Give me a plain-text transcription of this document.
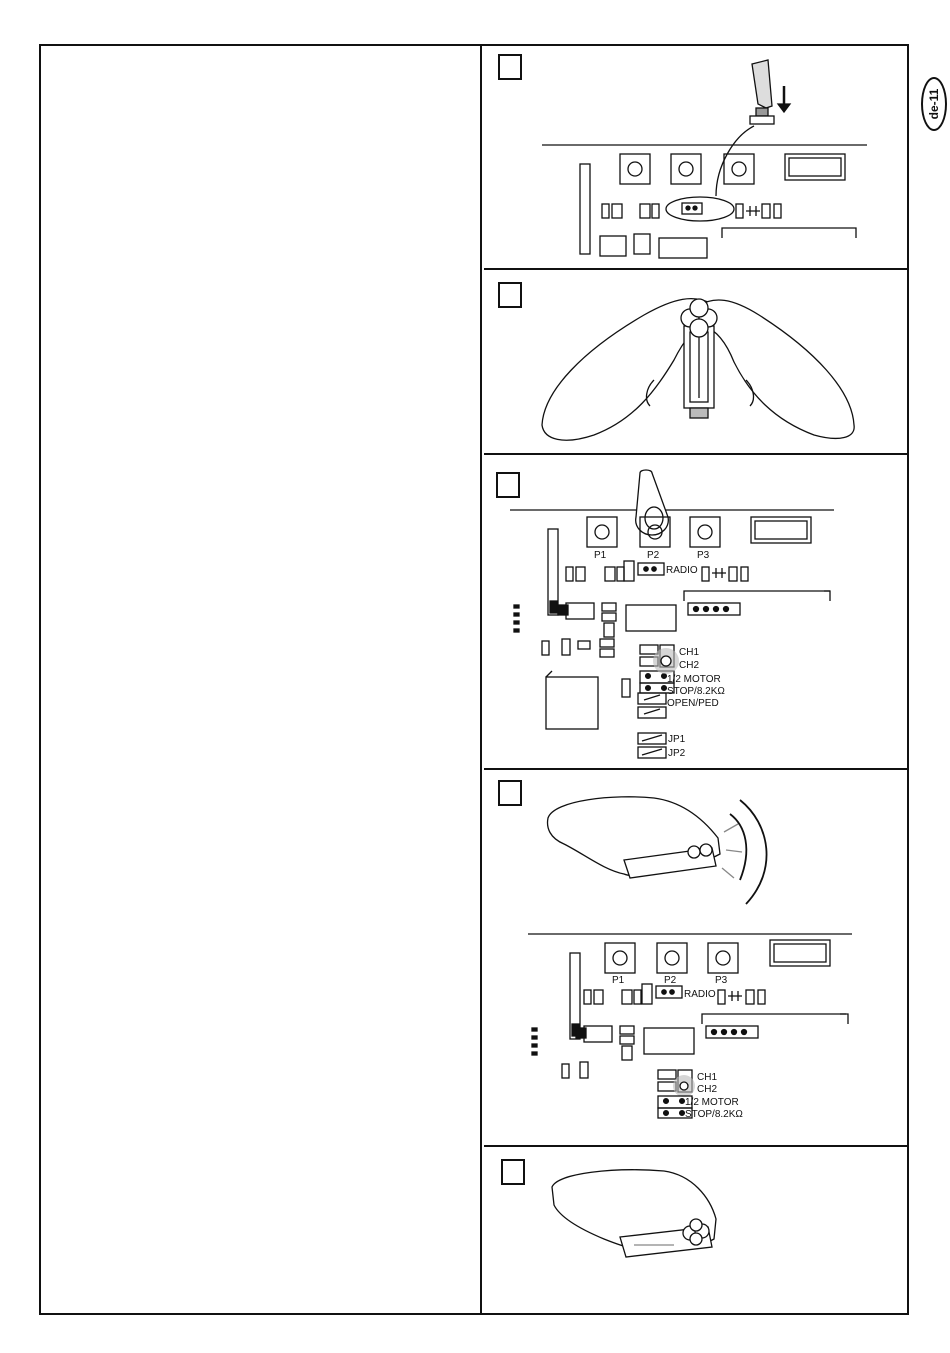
de-11
P1	P2	P3
RADIO
CH1
CH2
1/2 MOTOR
STOP/8.2KΩ
OPEN/PED
JP1
JP2
P1	P2	P3
RADIO
CH1
CH2
1/2 MOTOR
STOP/8.2KΩ
